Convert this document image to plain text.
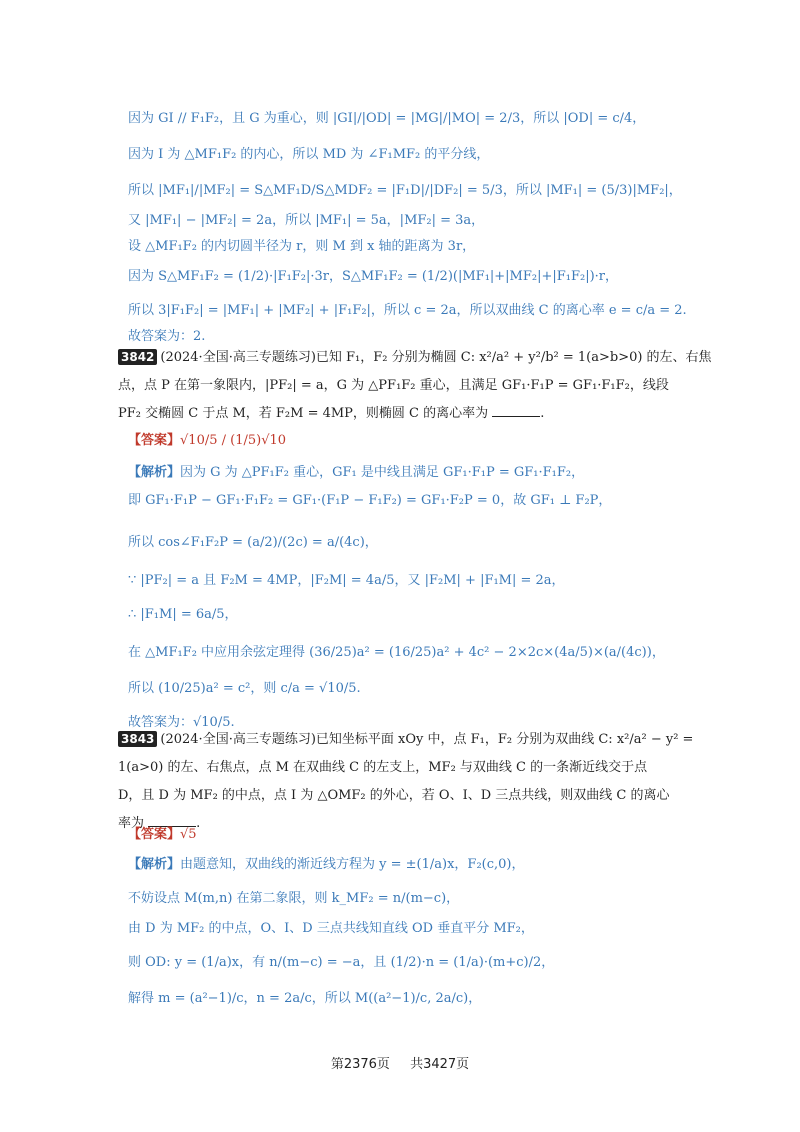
因为 GI // F₁F₂，且 G 为重心，则 |GI|/|OD| = |MG|/|MO| = 2/3，所以 |OD| = c/4，
因为 I 为 △MF₁F₂ 的内心，所以 MD 为 ∠F₁MF₂ 的平分线，
所以 |MF₁|/|MF₂| = S△MF₁D/S△MDF₂ = |F₁D|/|DF₂| = 5/3，所以 |MF₁| = (5/3)|MF₂|，
又 |MF₁| − |MF₂| = 2a，所以 |MF₁| = 5a，|MF₂| = 3a，
设 △MF₁F₂ 的内切圆半径为 r，则 M 到 x 轴的距离为 3r，
因为 S△MF₁F₂ = (1/2)·|F₁F₂|·3r，S△MF₁F₂ = (1/2)(|MF₁|+|MF₂|+|F₁F₂|)·r，
所以 3|F₁F₂| = |MF₁| + |MF₂| + |F₁F₂|，所以 c = 2a，所以双曲线 C 的离心率 e = c/a = 2.
故答案为：2.
3842 (2024·全国·高三专题练习)已知 F₁，F₂ 分别为椭圆 C: x²/a² + y²/b² = 1(a>b>0) 的左、右焦
点，点 P 在第一象限内，|PF₂| = a，G 为 △PF₁F₂ 重心，且满足 GF₁·F₁P = GF₁·F₁F₂，线段
PF₂ 交椭圆 C 于点 M，若 F₂M = 4MP，则椭圆 C 的离心率为	.
【答案】√10/5 / (1/5)√10
【解析】因为 G 为 △PF₁F₂ 重心，GF₁ 是中线且满足 GF₁·F₁P = GF₁·F₁F₂，
即 GF₁·F₁P − GF₁·F₁F₂ = GF₁·(F₁P − F₁F₂) = GF₁·F₂P = 0，故 GF₁ ⊥ F₂P，
所以 cos∠F₁F₂P = (a/2)/(2c) = a/(4c)，
∵ |PF₂| = a 且 F₂M = 4MP，|F₂M| = 4a/5，又 |F₂M| + |F₁M| = 2a，
∴ |F₁M| = 6a/5，
在 △MF₁F₂ 中应用余弦定理得 (36/25)a² = (16/25)a² + 4c² − 2×2c×(4a/5)×(a/(4c))，
所以 (10/25)a² = c²，则 c/a = √10/5.
故答案为：√10/5.
3843 (2024·全国·高三专题练习)已知坐标平面 xOy 中，点 F₁，F₂ 分别为双曲线 C: x²/a² − y² =
1(a>0) 的左、右焦点，点 M 在双曲线 C 的左支上，MF₂ 与双曲线 C 的一条渐近线交于点
D，且 D 为 MF₂ 的中点，点 I 为 △OMF₂ 的外心，若 O、I、D 三点共线，则双曲线 C 的离心
率为	.
【答案】√5
【解析】由题意知，双曲线的渐近线方程为 y = ±(1/a)x，F₂(c,0)，
不妨设点 M(m,n) 在第二象限，则 k_MF₂ = n/(m−c)，
由 D 为 MF₂ 的中点，O、I、D 三点共线知直线 OD 垂直平分 MF₂，
则 OD: y = (1/a)x，有 n/(m−c) = −a，且 (1/2)·n = (1/a)·(m+c)/2，
解得 m = (a²−1)/c，n = 2a/c，所以 M((a²−1)/c, 2a/c)，
第2376页 共3427页
